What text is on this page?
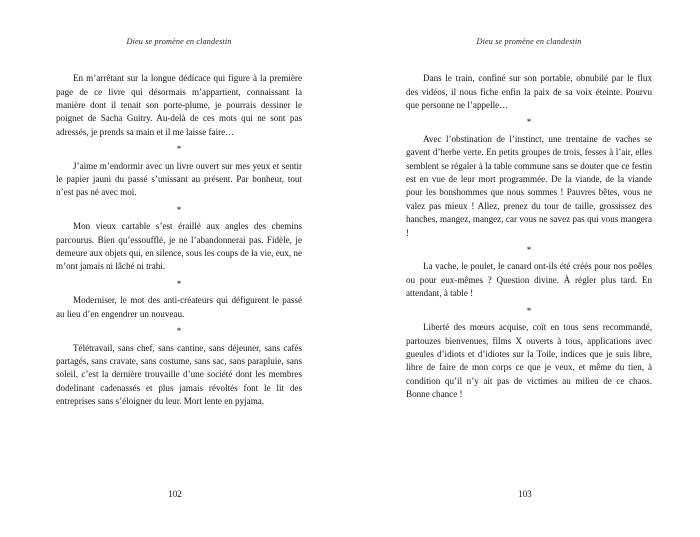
Dieu se promène en clandestin

En m’arrêtant sur la longue dédicace qui figure à la première page de ce livre qui désormais m’appartient, connaissant la manière dont il tenait son porte-plume, je pourrais dessiner le poignet de Sacha Guitry. Au-delà de ces mots qui ne sont pas adressés, je prends sa main et il me laisse faire…

*

J’aime m’endormir avec un livre ouvert sur mes yeux et sentir le papier jauni du passé s’unissant au présent. Par bonheur, tout n’est pas né avec moi.

*

Mon vieux cartable s’est éraillé aux angles des chemins parcourus. Bien qu’essoufflé, je ne l’abandonnerai pas. Fidèle, je demeure aux objets qui, en silence, sous les coups de la vie, eux, ne m’ont jamais ni lâché ni trahi.

*

Moderniser, le mot des anti-créateurs qui défigurent le passé au lieu d’en engendrer un nouveau.

*

Télétravail, sans chef, sans cantine, sans déjeuner, sans cafés partagés, sans cravate, sans costume, sans sac, sans parapluie, sans soleil, c’est la dernière trouvaille d’une société dont les membres dodelinant cadenassés et plus jamais révoltés font le lit des entreprises sans s’éloigner du leur. Mort lente en pyjama.

102
Dieu se promène en clandestin

Dans le train, confiné sur son portable, obnubilé par le flux des vidéos, il nous fiche enfin la paix de sa voix éteinte. Pourvu que personne ne l’appelle…

*

Avec l’obstination de l’instinct, une trentaine de vaches se gavent d’herbe verte. En petits groupes de trois, fesses à l’air, elles semblent se régaler à la table commune sans se douter que ce festin est en vue de leur mort programmée. De la viande, de la viande pour les bonshommes que nous sommes ! Pauvres bêtes, vous ne valez pas mieux ! Allez, prenez du tour de taille, grossissez des hanches, mangez, mangez, car vous ne savez pas qui vous mangera !

*

La vache, le poulet, le canard ont-ils été créés pour nos poêles ou pour eux-mêmes ? Question divine. À régler plus tard. En attendant, à table !

*

Liberté des mœurs acquise, coït en tous sens recommandé, partouzes bienvenues, films X ouverts à tous, applications avec gueules d’idiots et d’idiotes sur la Toile, indices que je suis libre, libre de faire de mon corps ce que je veux, et même du tien, à condition qu’il n’y ait pas de victimes au milieu de ce chaos. Bonne chance !

103
